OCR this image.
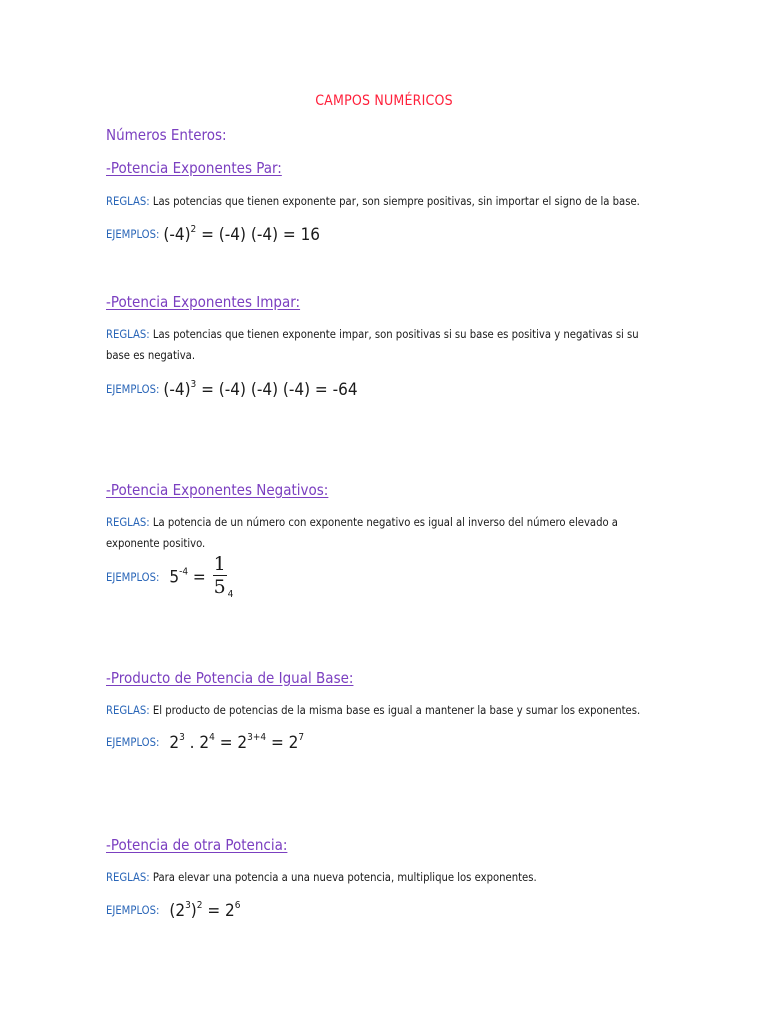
CAMPOS NUMÉRICOS
Números Enteros:
-Potencia Exponentes Par:
REGLAS: Las potencias que tienen exponente par, son siempre positivas, sin importar el signo de la base.
EJEMPLOS: $(-4)^2 = (-4) (-4) = 16$
-Potencia Exponentes Impar:
REGLAS: Las potencias que tienen exponente impar, son positivas si su base es positiva y negativas si su base es negativa.
EJEMPLOS: $(-4)^3 = (-4)$ (-4) (-4) = -64
-Potencia Exponentes Negativos:
REGLAS: La potencia de un número con exponente negativo es igual al inverso del número elevado a exponente positivo.
EJEMPLOS: $5^{-4} = \frac{1}{5} _4$
-Producto de Potencia de Igual Base:
REGLAS: El producto de potencias de la misma base es igual a mantener la base y sumar los exponentes.
EJEMPLOS: $2^3$ . $2^4 = 2^{3+4} = 2^7$
-Potencia de otra Potencia:
REGLAS: Para elevar una potencia a una nueva potencia, multiplique los exponentes.
EJEMPLOS: $(2^3)^2 = 2^6$
